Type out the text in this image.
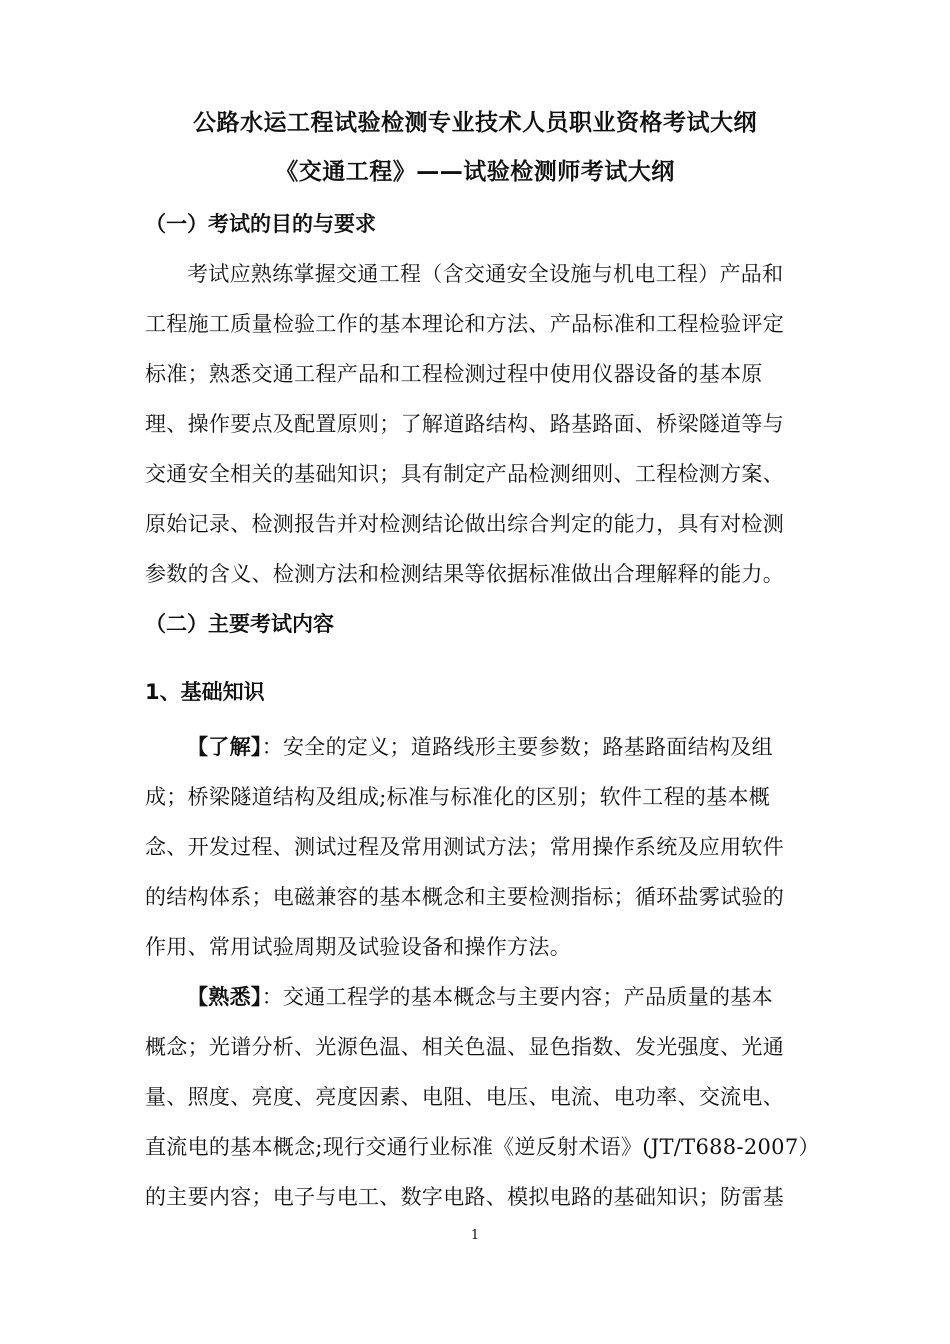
公路水运工程试验检测专业技术人员职业资格考试大纲
《交通工程》——试验检测师考试大纲
（一）考试的目的与要求
考试应熟练掌握交通工程（含交通安全设施与机电工程）产品和
工程施工质量检验工作的基本理论和方法、产品标准和工程检验评定
标准；熟悉交通工程产品和工程检测过程中使用仪器设备的基本原
理、操作要点及配置原则；了解道路结构、路基路面、桥梁隧道等与
交通安全相关的基础知识；具有制定产品检测细则、工程检测方案、
原始记录、检测报告并对检测结论做出综合判定的能力，具有对检测
参数的含义、检测方法和检测结果等依据标准做出合理解释的能力。
（二）主要考试内容
1、基础知识
【了解】：安全的定义；道路线形主要参数；路基路面结构及组
成；桥梁隧道结构及组成;标准与标准化的区别；软件工程的基本概
念、开发过程、测试过程及常用测试方法；常用操作系统及应用软件
的结构体系；电磁兼容的基本概念和主要检测指标；循环盐雾试验的
作用、常用试验周期及试验设备和操作方法。
【熟悉】：交通工程学的基本概念与主要内容；产品质量的基本
概念；光谱分析、光源色温、相关色温、显色指数、发光强度、光通
量、照度、亮度、亮度因素、电阻、电压、电流、电功率、交流电、
直流电的基本概念;现行交通行业标准《逆反射术语》(JT/T688-2007）
的主要内容；电子与电工、数字电路、模拟电路的基础知识；防雷基
1
